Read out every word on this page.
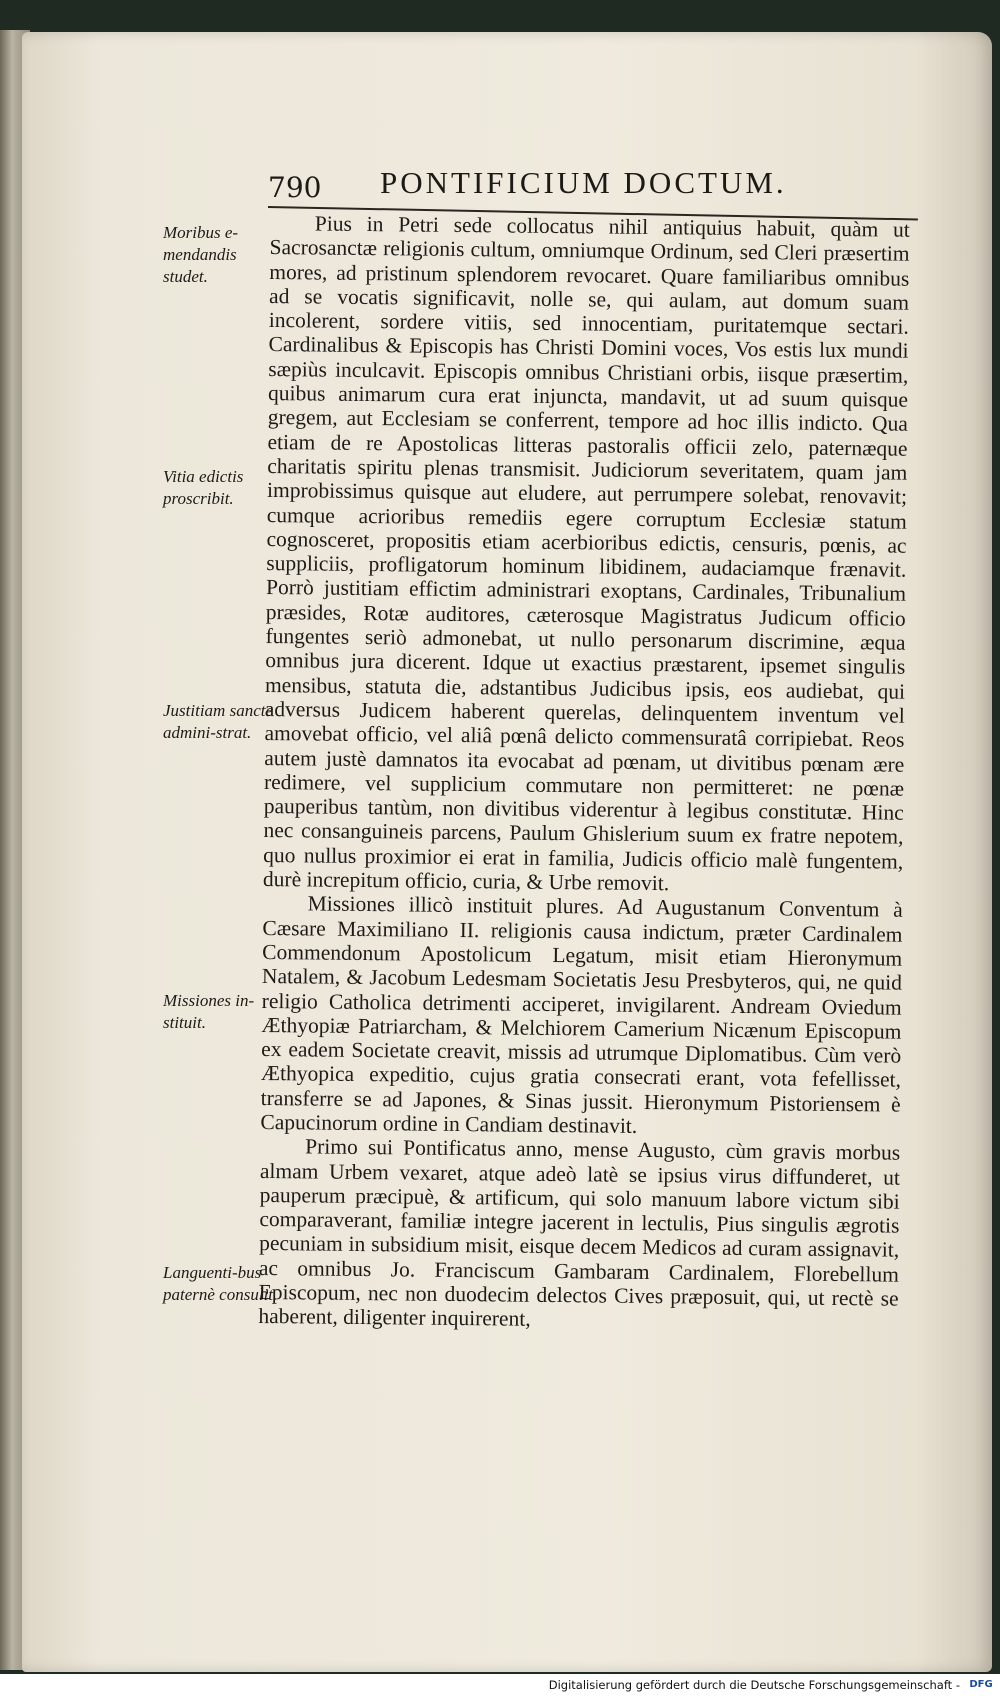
790 PONTIFICIUM DOCTUM.
Moribus e-mendandis studet.
Vitia edictis proscribit.
Justitiam sancte admini-strat.
Missiones in-stituit.
Languenti-bus paternè consulit.

Pius in Petri sede collocatus nihil antiquius habuit, quàm ut Sacrosanctæ religionis cultum, omniumque Ordinum, sed Cleri præsertim mores, ad pristinum splendorem revocaret. Quare familiaribus omnibus ad se vocatis significavit, nolle se, qui aulam, aut domum suam incolerent, sordere vitiis, sed innocentiam, puritatemque sectari. Cardinalibus & Episcopis has Christi Domini voces, Vos estis lux mundi sæpiùs inculcavit. Episcopis omnibus Christiani orbis, iisque præsertim, quibus animarum cura erat injuncta, mandavit, ut ad suum quisque gregem, aut Ecclesiam se conferrent, tempore ad hoc illis indicto. Qua etiam de re Apostolicas litteras pastoralis officii zelo, paternæque charitatis spiritu plenas transmisit. Judiciorum severitatem, quam jam improbissimus quisque aut eludere, aut perrumpere solebat, renovavit; cumque acrioribus remediis egere corruptum Ecclesiæ statum cognosceret, propositis etiam acerbioribus edictis, censuris, pœnis, ac suppliciis, profligatorum hominum libidinem, audaciamque frænavit. Porrò justitiam effictim administrari exoptans, Cardinales, Tribunalium præsides, Rotæ auditores, cæterosque Magistratus Judicum officio fungentes seriò admonebat, ut nullo personarum discrimine, æqua omnibus jura dicerent. Idque ut exactius præstarent, ipsemet singulis mensibus, statuta die, adstantibus Judicibus ipsis, eos audiebat, qui adversus Judicem haberent querelas, delinquentem inventum vel amovebat officio, vel aliâ pœnâ delicto commensuratâ corripiebat. Reos autem justè damnatos ita evocabat ad pœnam, ut divitibus pœnam ære redimere, vel supplicium commutare non permitteret: ne pœnæ pauperibus tantùm, non divitibus viderentur à legibus constitutæ. Hinc nec consanguineis parcens, Paulum Ghislerium suum ex fratre nepotem, quo nullus proximior ei erat in familia, Judicis officio malè fungentem, durè increpitum officio, curia, & Urbe removit.

Missiones illicò instituit plures. Ad Augustanum Conventum à Cæsare Maximiliano II. religionis causa indictum, præter Cardinalem Commendonum Apostolicum Legatum, misit etiam Hieronymum Natalem, & Jacobum Ledesmam Societatis Jesu Presbyteros, qui, ne quid religio Catholica detrimenti acciperet, invigilarent. Andream Oviedum Æthyopiæ Patriarcham, & Melchiorem Camerium Nicænum Episcopum ex eadem Societate creavit, missis ad utrumque Diplomatibus. Cùm verò Æthyopica expeditio, cujus gratia consecrati erant, vota fefellisset, transferre se ad Japones, & Sinas jussit. Hieronymum Pistoriensem è Capucinorum ordine in Candiam destinavit.

Primo sui Pontificatus anno, mense Augusto, cùm gravis morbus almam Urbem vexaret, atque adeò latè se ipsius virus diffunderet, ut pauperum præcipuè, & artificum, qui solo manuum labore victum sibi comparaverant, familiæ integre jacerent in lectulis, Pius singulis ægrotis pecuniam in subsidium misit, eisque decem Medicos ad curam assignavit, ac omnibus Jo. Franciscum Gambaram Cardinalem, Florebellum Episcopum, nec non duodecim delectos Cives præposuit, qui, ut rectè se haberent, diligenter inquirerent,

Digitalisierung gefördert durch die Deutsche Forschungsgemeinschaft - DFG
